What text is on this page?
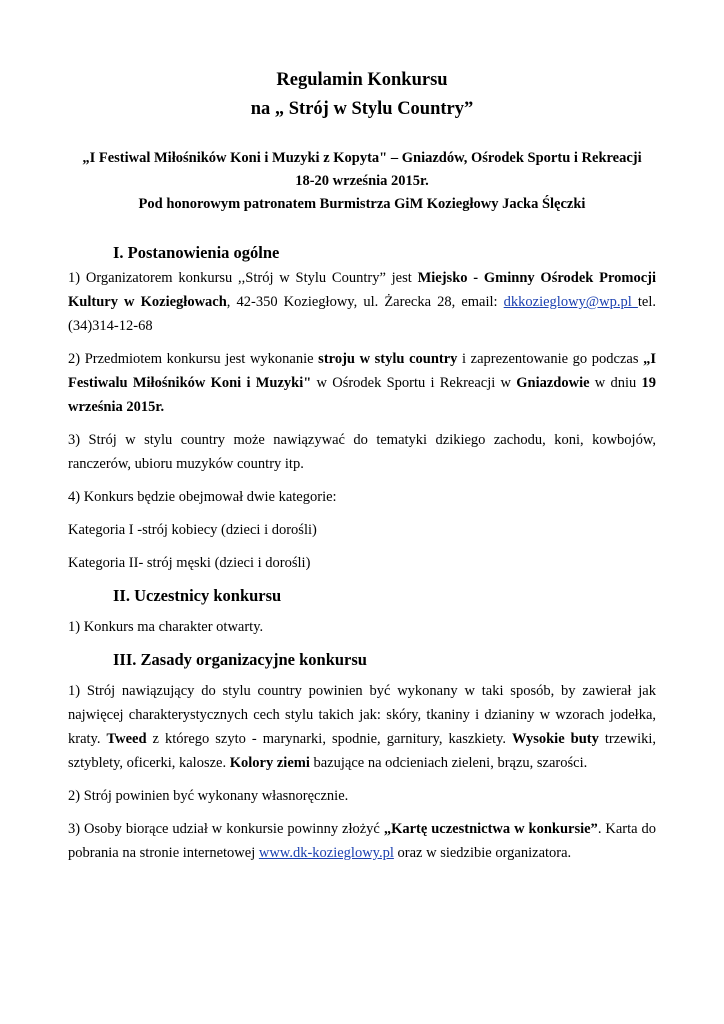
Regulamin Konkursu
na „ Strój w Stylu Country”
„I Festiwal Miłośników Koni i Muzyki z Kopyta" – Gniazdów, Ośrodek Sportu i Rekreacji
18-20 września 2015r.
Pod honorowym patronatem Burmistrza GiM Koziegłowy Jacka Ślęczki
I. Postanowienia ogólne

1) Organizatorem konkursu ,,Strój w Stylu Country” jest Miejsko - Gminny Ośrodek Promocji Kultury w Koziegłowach, 42-350 Koziegłowy, ul. Żarecka 28, email: dkkozieglowy@wp.pl tel. (34)314-12-68

2) Przedmiotem konkursu jest wykonanie stroju w stylu country i zaprezentowanie go podczas „I Festiwalu Miłośników Koni i Muzyki" w Ośrodek Sportu i Rekreacji w Gniazdowie w dniu 19 września 2015r.

3) Strój w stylu country może nawiązywać do tematyki dzikiego zachodu, koni, kowbojów, ranczerów, ubioru muzyków country itp.

4) Konkurs będzie obejmował dwie kategorie:

Kategoria I -strój kobiecy (dzieci i dorośli)

Kategoria II- strój męski (dzieci i dorośli)

II. Uczestnicy konkursu

1) Konkurs ma charakter otwarty.

III. Zasady organizacyjne konkursu

1) Strój nawiązujący do stylu country powinien być wykonany w taki sposób, by zawierał jak najwięcej charakterystycznych cech stylu takich jak: skóry, tkaniny i dzianiny w wzorach jodełka, kraty. Tweed z którego szyto - marynarki, spodnie, garnitury, kaszkiety. Wysokie buty trzewiki, sztyblety, oficerki, kalosze. Kolory ziemi bazujące na odcieniach zieleni, brązu, szarości.

2) Strój powinien być wykonany własnoręcznie.

3) Osoby biorące udział w konkursie powinny złożyć „Kartę uczestnictwa w konkursie”. Karta do pobrania na stronie internetowej www.dk-kozieglowy.pl oraz w siedzibie organizatora.
